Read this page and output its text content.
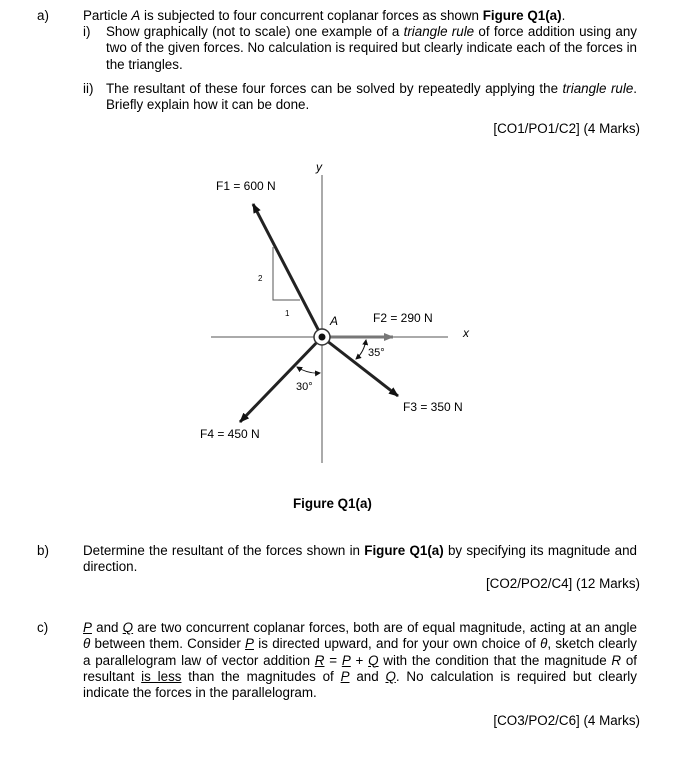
a)	Particle A is subjected to four concurrent coplanar forces as shown Figure Q1(a).
i) Show graphically (not to scale) one example of a triangle rule of force addition using any two of the given forces. No calculation is required but clearly indicate each of the forces in the triangles.
ii) The resultant of these four forces can be solved by repeatedly applying the triangle rule. Briefly explain how it can be done.
[CO1/PO1/C2] (4 Marks)
y
x
A
F1 = 600 N
F2 = 290 N
F3 = 350 N
F4 = 450 N
2
1
35°
30°
Figure Q1(a)
b)	Determine the resultant of the forces shown in Figure Q1(a) by specifying its magnitude and direction.
[CO2/PO2/C4] (12 Marks)
c)	P and Q are two concurrent coplanar forces, both are of equal magnitude, acting at an angle θ between them. Consider P is directed upward, and for your own choice of θ, sketch clearly a parallelogram law of vector addition R = P + Q with the condition that the magnitude R of resultant is less than the magnitudes of P and Q. No calculation is required but clearly indicate the forces in the parallelogram.
[CO3/PO2/C6] (4 Marks)
